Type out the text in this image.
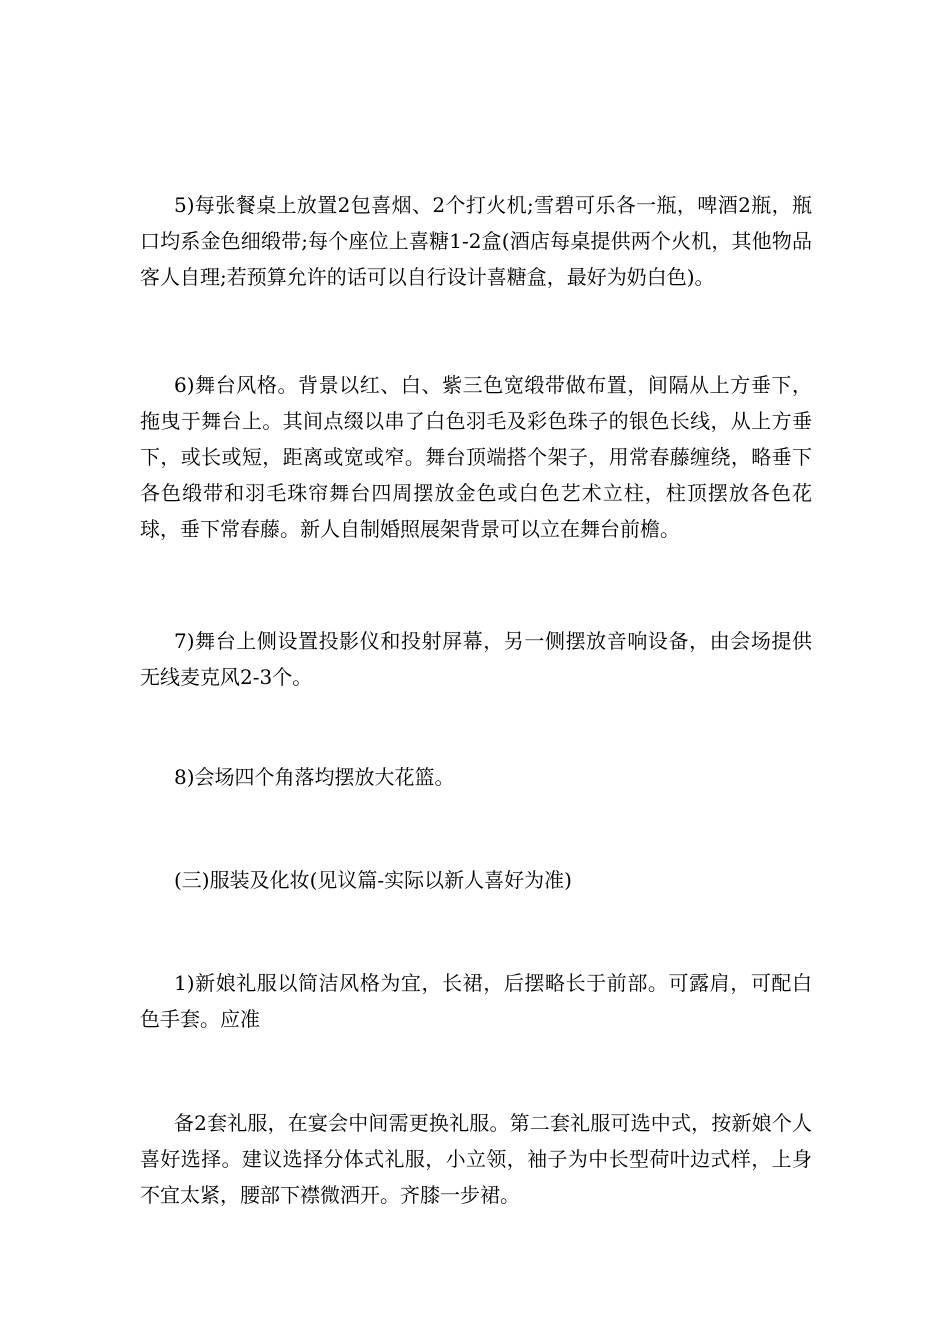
5)每张餐桌上放置2包喜烟、2个打火机;雪碧可乐各一瓶，啤酒2瓶，瓶口均系金色细缎带;每个座位上喜糖1-2盒(酒店每桌提供两个火机，其他物品客人自理;若预算允许的话可以自行设计喜糖盒，最好为奶白色)。

6)舞台风格。背景以红、白、紫三色宽缎带做布置，间隔从上方垂下，拖曳于舞台上。其间点缀以串了白色羽毛及彩色珠子的银色长线，从上方垂下，或长或短，距离或宽或窄。舞台顶端搭个架子，用常春藤缠绕，略垂下各色缎带和羽毛珠帘舞台四周摆放金色或白色艺术立柱，柱顶摆放各色花球，垂下常春藤。新人自制婚照展架背景可以立在舞台前檐。

7)舞台上侧设置投影仪和投射屏幕，另一侧摆放音响设备，由会场提供无线麦克风2-3个。

8)会场四个角落均摆放大花篮。

(三)服装及化妆(见议篇-实际以新人喜好为准)

1)新娘礼服以简洁风格为宜，长裙，后摆略长于前部。可露肩，可配白色手套。应准

备2套礼服，在宴会中间需更换礼服。第二套礼服可选中式，按新娘个人喜好选择。建议选择分体式礼服，小立领，袖子为中长型荷叶边式样，上身不宜太紧，腰部下襟微洒开。齐膝一步裙。
